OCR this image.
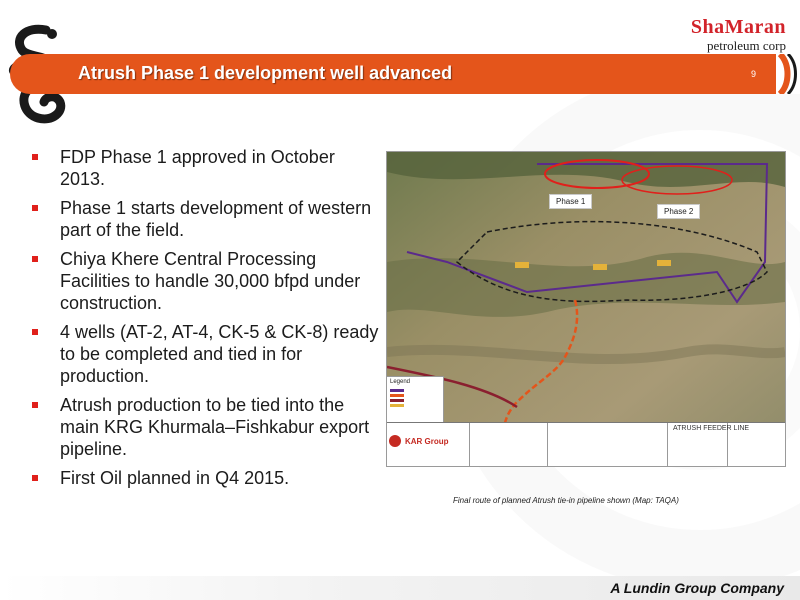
ShaMaran
petroleum corp
Atrush Phase 1 development well advanced	9
FDP Phase 1 approved in October 2013.
Phase 1 starts development of western part of the field.
Chiya Khere Central Processing Facilities to handle 30,000 bfpd under construction.
4 wells (AT-2, AT-4, CK-5 & CK-8) ready to be completed and tied in for production.
Atrush production to be tied into the main KRG Khurmala–Fishkabur export pipeline.
First Oil planned in Q4 2015.
Phase 1
Phase 2
Legend
KAR Group
ATRUSH FEEDER LINE
Final route of planned Atrush tie-in pipeline shown (Map: TAQA)
A Lundin Group Company
